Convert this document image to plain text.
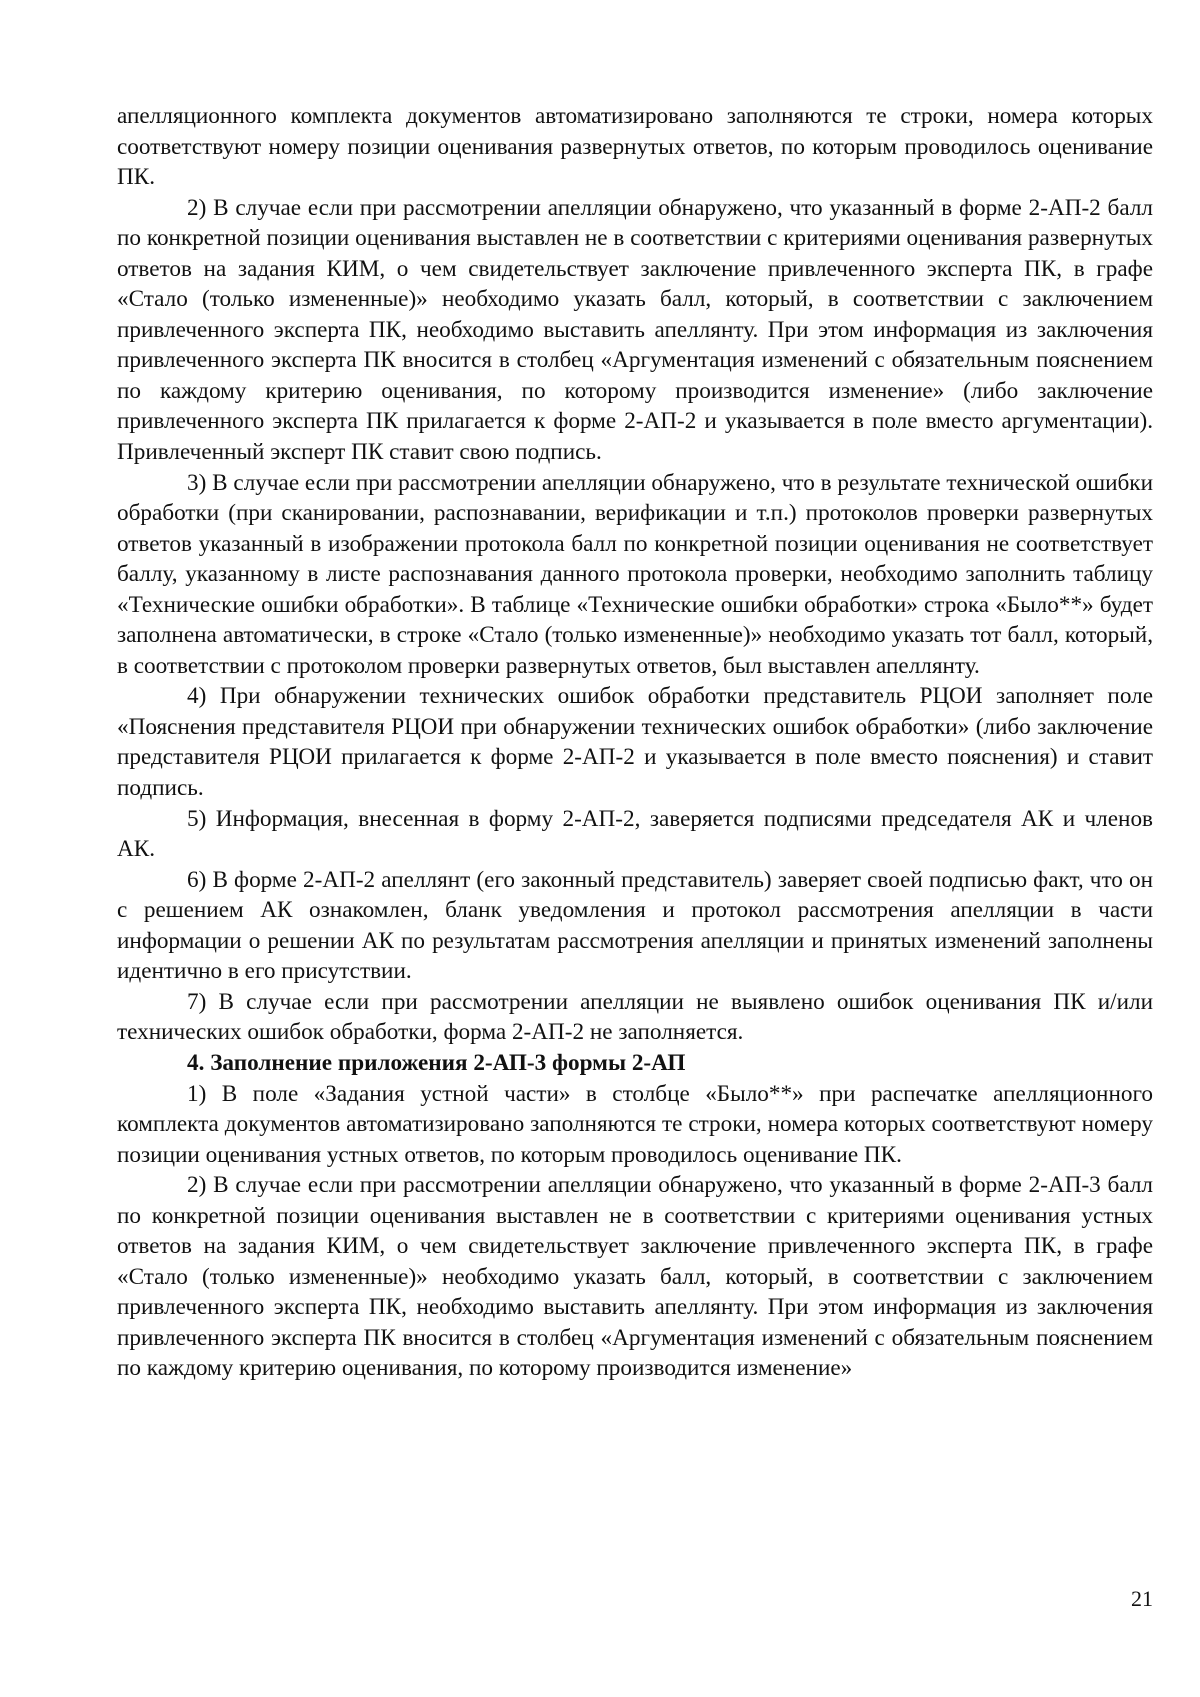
апелляционного комплекта документов автоматизировано заполняются те строки, номера которых соответствуют номеру позиции оценивания развернутых ответов, по которым проводилось оценивание ПК.

2) В случае если при рассмотрении апелляции обнаружено, что указанный в форме 2-АП-2 балл по конкретной позиции оценивания выставлен не в соответствии с критериями оценивания развернутых ответов на задания КИМ, о чем свидетельствует заключение привлеченного эксперта ПК, в графе «Стало (только измененные)» необходимо указать балл, который, в соответствии с заключением привлеченного эксперта ПК, необходимо выставить апеллянту. При этом информация из заключения привлеченного эксперта ПК вносится в столбец «Аргументация изменений с обязательным пояснением по каждому критерию оценивания, по которому производится изменение» (либо заключение привлеченного эксперта ПК прилагается к форме 2-АП-2 и указывается в поле вместо аргументации). Привлеченный эксперт ПК ставит свою подпись.

3) В случае если при рассмотрении апелляции обнаружено, что в результате технической ошибки обработки (при сканировании, распознавании, верификации и т.п.) протоколов проверки развернутых ответов указанный в изображении протокола балл по конкретной позиции оценивания не соответствует баллу, указанному в листе распознавания данного протокола проверки, необходимо заполнить таблицу «Технические ошибки обработки». В таблице «Технические ошибки обработки» строка «Было**» будет заполнена автоматически, в строке «Стало (только измененные)» необходимо указать тот балл, который, в соответствии с протоколом проверки развернутых ответов, был выставлен апеллянту.

4) При обнаружении технических ошибок обработки представитель РЦОИ заполняет поле «Пояснения представителя РЦОИ при обнаружении технических ошибок обработки» (либо заключение представителя РЦОИ прилагается к форме 2-АП-2 и указывается в поле вместо пояснения) и ставит подпись.

5) Информация, внесенная в форму 2-АП-2, заверяется подписями председателя АК и членов АК.

6) В форме 2-АП-2 апеллянт (его законный представитель) заверяет своей подписью факт, что он с решением АК ознакомлен, бланк уведомления и протокол рассмотрения апелляции в части информации о решении АК по результатам рассмотрения апелляции и принятых изменений заполнены идентично в его присутствии.

7) В случае если при рассмотрении апелляции не выявлено ошибок оценивания ПК и/или технических ошибок обработки, форма 2-АП-2 не заполняется.

4. Заполнение приложения 2-АП-3 формы 2-АП

1) В поле «Задания устной части» в столбце «Было**» при распечатке апелляционного комплекта документов автоматизировано заполняются те строки, номера которых соответствуют номеру позиции оценивания устных ответов, по которым проводилось оценивание ПК.

2) В случае если при рассмотрении апелляции обнаружено, что указанный в форме 2-АП-3 балл по конкретной позиции оценивания выставлен не в соответствии с критериями оценивания устных ответов на задания КИМ, о чем свидетельствует заключение привлеченного эксперта ПК, в графе «Стало (только измененные)» необходимо указать балл, который, в соответствии с заключением привлеченного эксперта ПК, необходимо выставить апеллянту. При этом информация из заключения привлеченного эксперта ПК вносится в столбец «Аргументация изменений с обязательным пояснением по каждому критерию оценивания, по которому производится изменение»

21
